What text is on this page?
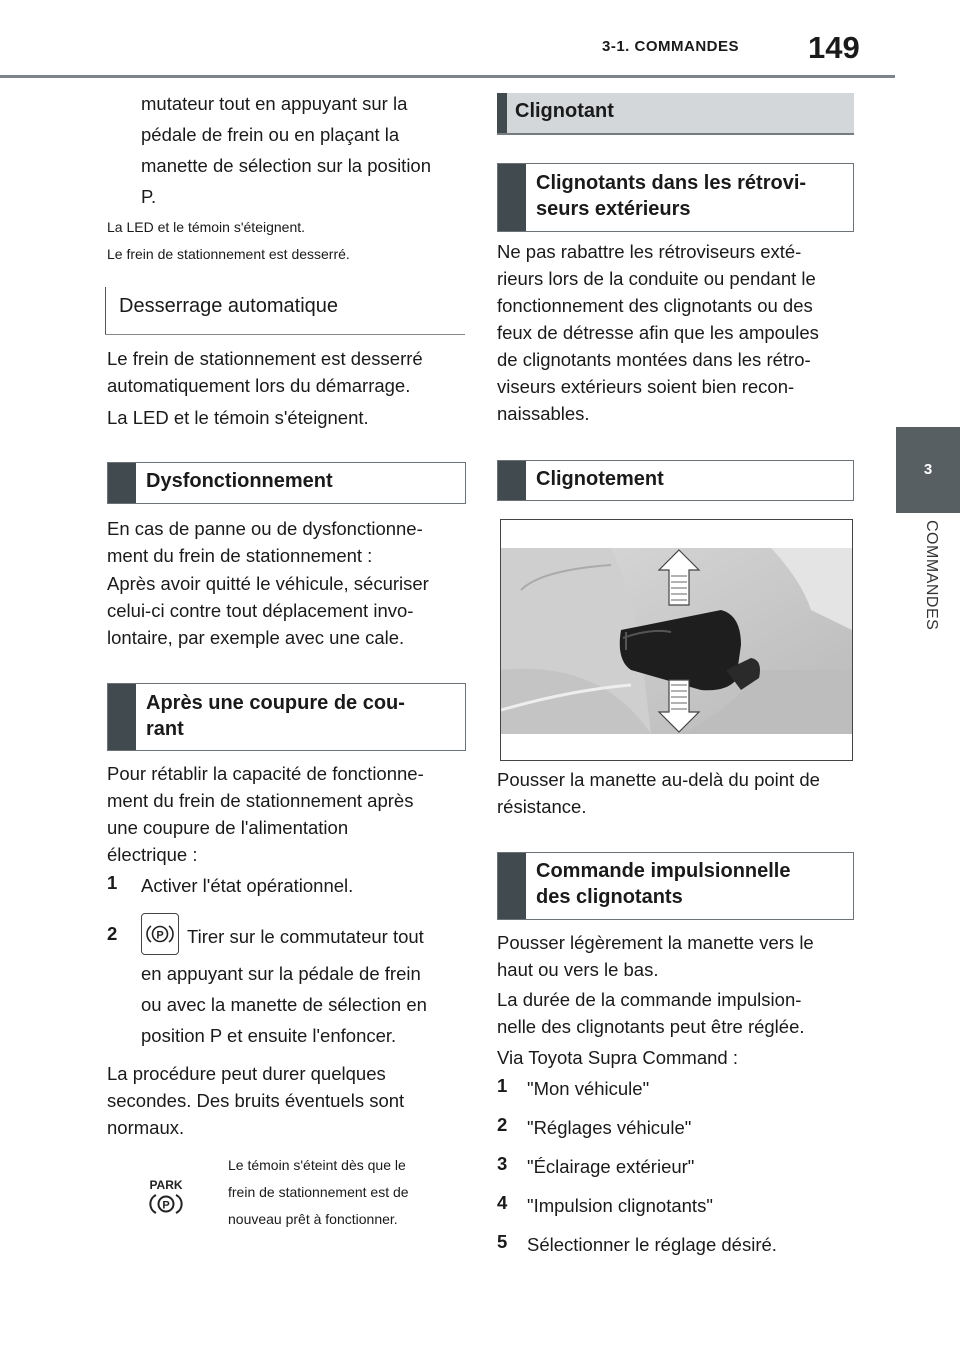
3-1. COMMANDES 149
3
COMMANDES
mutateur tout en appuyant sur la
pédale de frein ou en plaçant la
manette de sélection sur la position
P.
La LED et le témoin s'éteignent.
Le frein de stationnement est desserré.
Desserrage automatique
Le frein de stationnement est desserré
automatiquement lors du démarrage.
La LED et le témoin s'éteignent.
Dysfonctionnement
En cas de panne ou de dysfonctionne-
ment du frein de stationnement :
Après avoir quitté le véhicule, sécuriser
celui-ci contre tout déplacement invo-
lontaire, par exemple avec une cale.
Après une coupure de cou-
rant
Pour rétablir la capacité de fonctionne-
ment du frein de stationnement après
une coupure de l'alimentation
électrique :
1 Activer l'état opérationnel.
2	P Tirer sur le commutateur tout
en appuyant sur la pédale de frein
ou avec la manette de sélection en
position P et ensuite l'enfoncer.
La procédure peut durer quelques
secondes. Des bruits éventuels sont
normaux.
PARK
P
Le témoin s'éteint dès que le
frein de stationnement est de
nouveau prêt à fonctionner.
Clignotant
Clignotants dans les rétrovi-
seurs extérieurs
Ne pas rabattre les rétroviseurs exté-
rieurs lors de la conduite ou pendant le
fonctionnement des clignotants ou des
feux de détresse afin que les ampoules
de clignotants montées dans les rétro-
viseurs extérieurs soient bien recon-
naissables.
Clignotement
Pousser la manette au-delà du point de
résistance.
Commande impulsionnelle
des clignotants
Pousser légèrement la manette vers le
haut ou vers le bas.
La durée de la commande impulsion-
nelle des clignotants peut être réglée.
Via Toyota Supra Command :
1 "Mon véhicule"
2 "Réglages véhicule"
3 "Éclairage extérieur"
4 "Impulsion clignotants"
5 Sélectionner le réglage désiré.
